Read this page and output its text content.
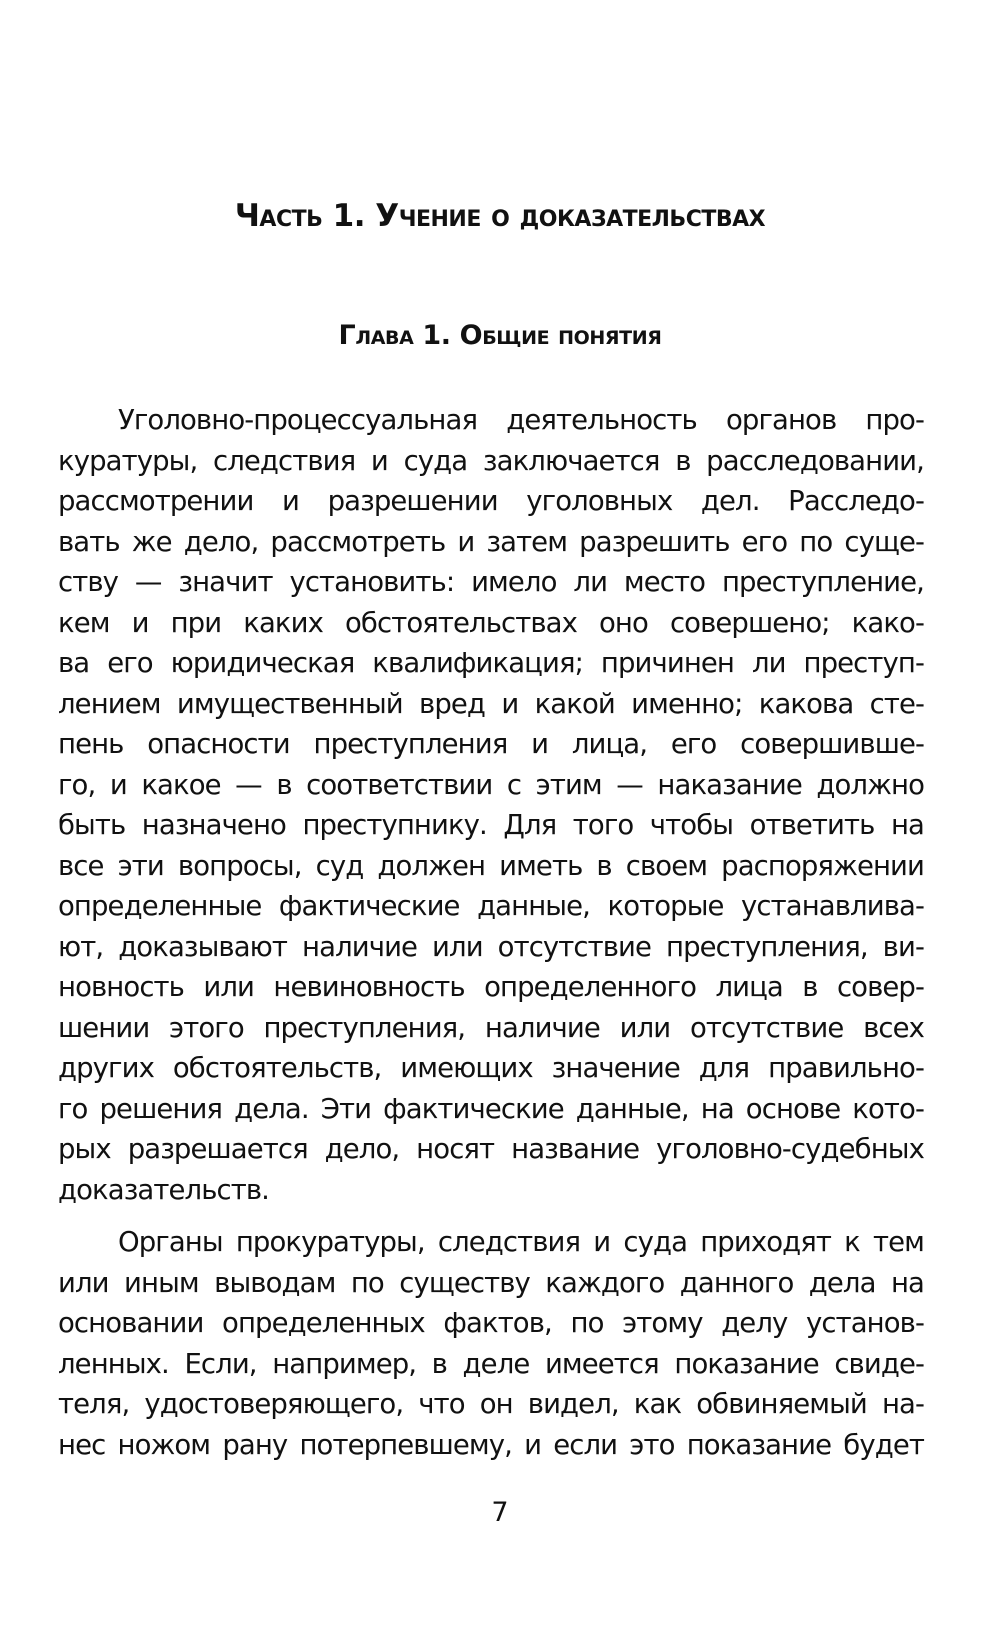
Часть 1. Учение о доказательствах
Глава 1. Общие понятия
Уголовно-процессуальная деятельность органов про-
куратуры, следствия и суда заключается в расследовании,
рассмотрении и разрешении уголовных дел. Расследо-
вать же дело, рассмотреть и затем разрешить его по суще-
ству — значит установить: имело ли место преступление,
кем и при каких обстоятельствах оно совершено; како-
ва его юридическая квалификация; причинен ли преступ-
лением имущественный вред и какой именно; какова сте-
пень опасности преступления и лица, его совершивше-
го, и какое — в соответствии с этим — наказание должно
быть назначено преступнику. Для того чтобы ответить на
все эти вопросы, суд должен иметь в своем распоряжении
определенные фактические данные, которые устанавлива-
ют, доказывают наличие или отсутствие преступления, ви-
новность или невиновность определенного лица в совер-
шении этого преступления, наличие или отсутствие всех
других обстоятельств, имеющих значение для правильно-
го решения дела. Эти фактические данные, на основе кото-
рых разрешается дело, носят название уголовно-судебных
доказательств.
Органы прокуратуры, следствия и суда приходят к тем
или иным выводам по существу каждого данного дела на
основании определенных фактов, по этому делу установ-
ленных. Если, например, в деле имеется показание свиде-
теля, удостоверяющего, что он видел, как обвиняемый на-
нес ножом рану потерпевшему, и если это показание будет
7
